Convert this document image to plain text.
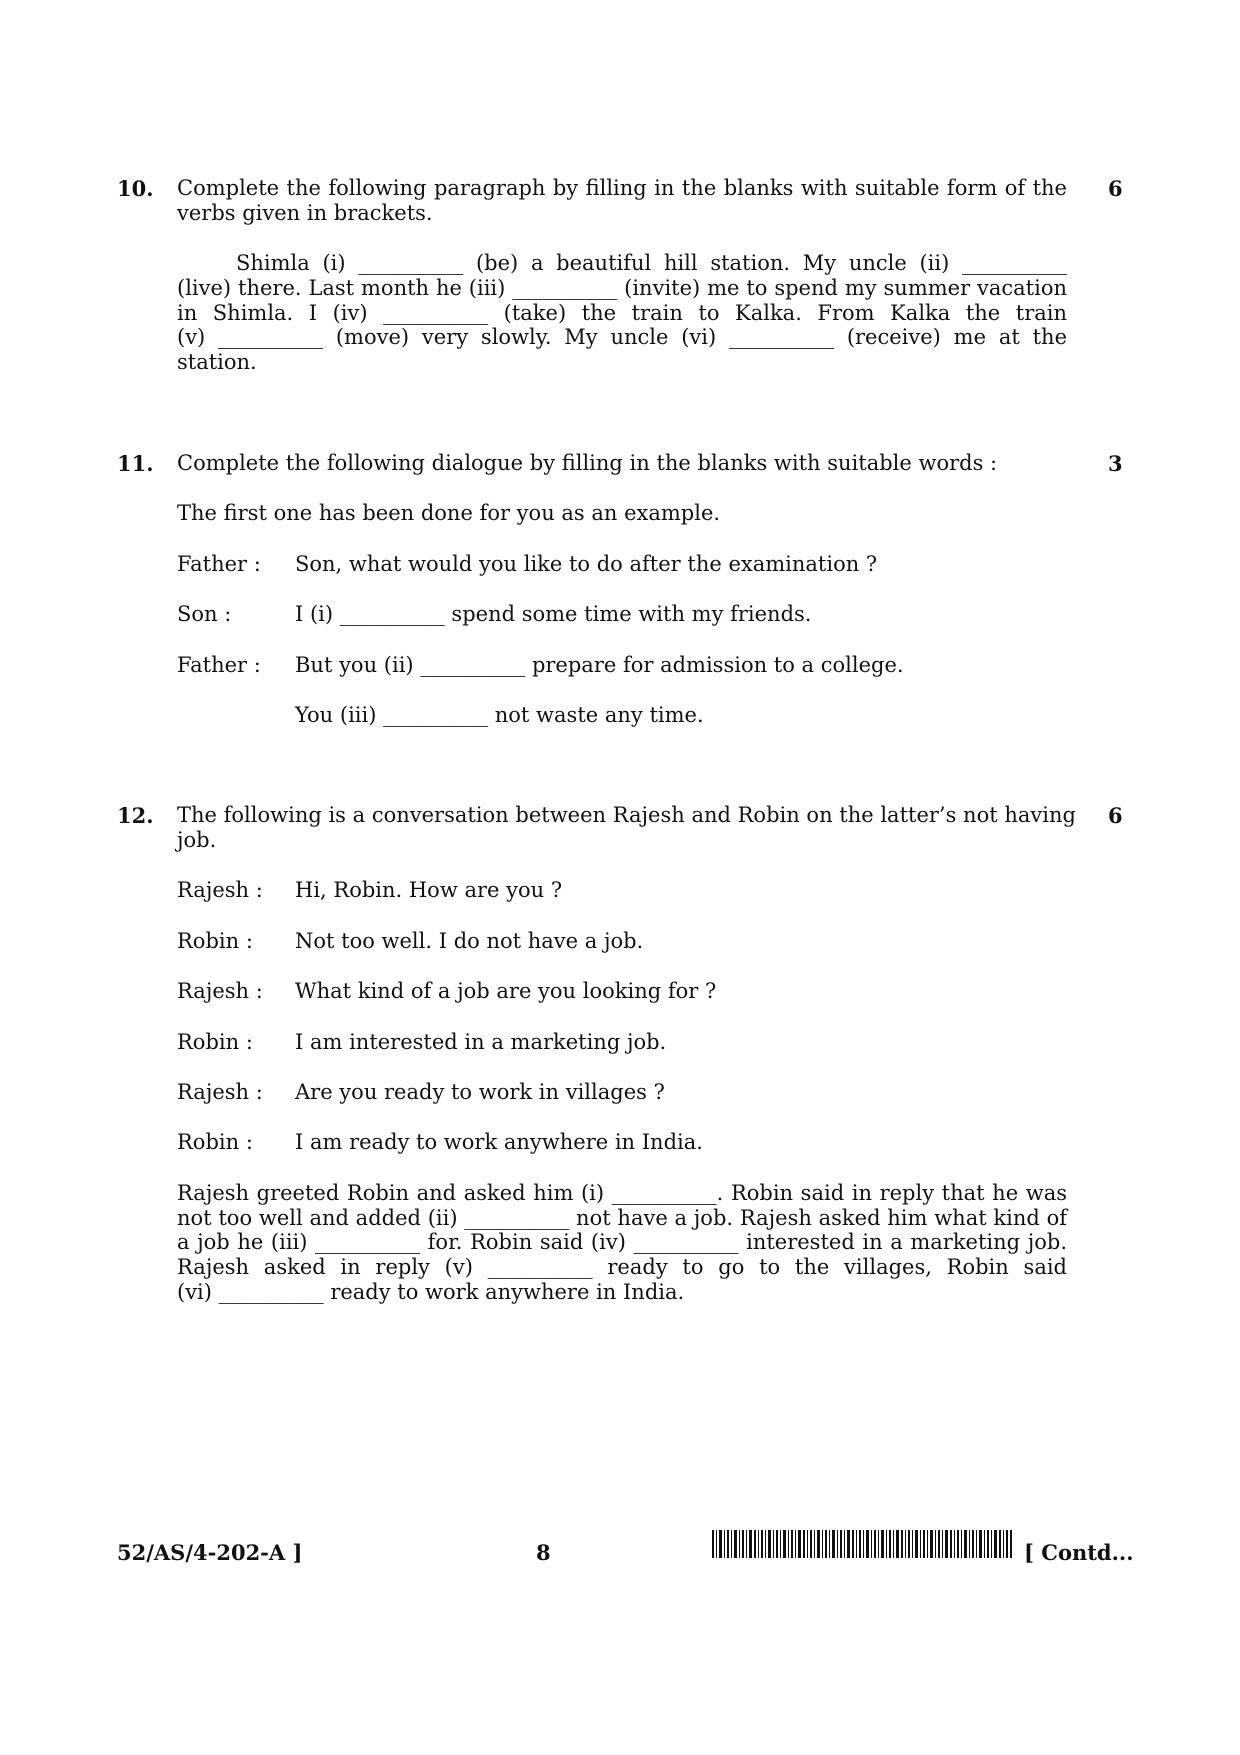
10.	6
Complete the following paragraph by filling in the blanks with suitable form of the
verbs given in brackets.
Shimla (i) __________ (be) a beautiful hill station. My uncle (ii) __________
(live) there. Last month he (iii) __________ (invite) me to spend my summer vacation
in Shimla. I (iv) __________ (take) the train to Kalka. From Kalka the train
(v) __________ (move) very slowly. My uncle (vi) __________ (receive) me at the
station.
11.	3
Complete the following dialogue by filling in the blanks with suitable words :
The first one has been done for you as an example.
Father : Son, what would you like to do after the examination ?
Son :	I (i) __________ spend some time with my friends.
Father : But you (ii) __________ prepare for admission to a college.
You (iii) __________ not waste any time.
12.	6
The following is a conversation between Rajesh and Robin on the latter’s not having
job.
Rajesh : Hi, Robin. How are you ?
Robin : Not too well. I do not have a job.
Rajesh : What kind of a job are you looking for ?
Robin : I am interested in a marketing job.
Rajesh : Are you ready to work in villages ?
Robin : I am ready to work anywhere in India.
Rajesh greeted Robin and asked him (i) __________. Robin said in reply that he was
not too well and added (ii) __________ not have a job. Rajesh asked him what kind of
a job he (iii) __________ for. Robin said (iv) __________ interested in a marketing job.
Rajesh asked in reply (v) __________ ready to go to the villages, Robin said
(vi) __________ ready to work anywhere in India.
52/AS/4-202-A ]	8	[ Contd...
